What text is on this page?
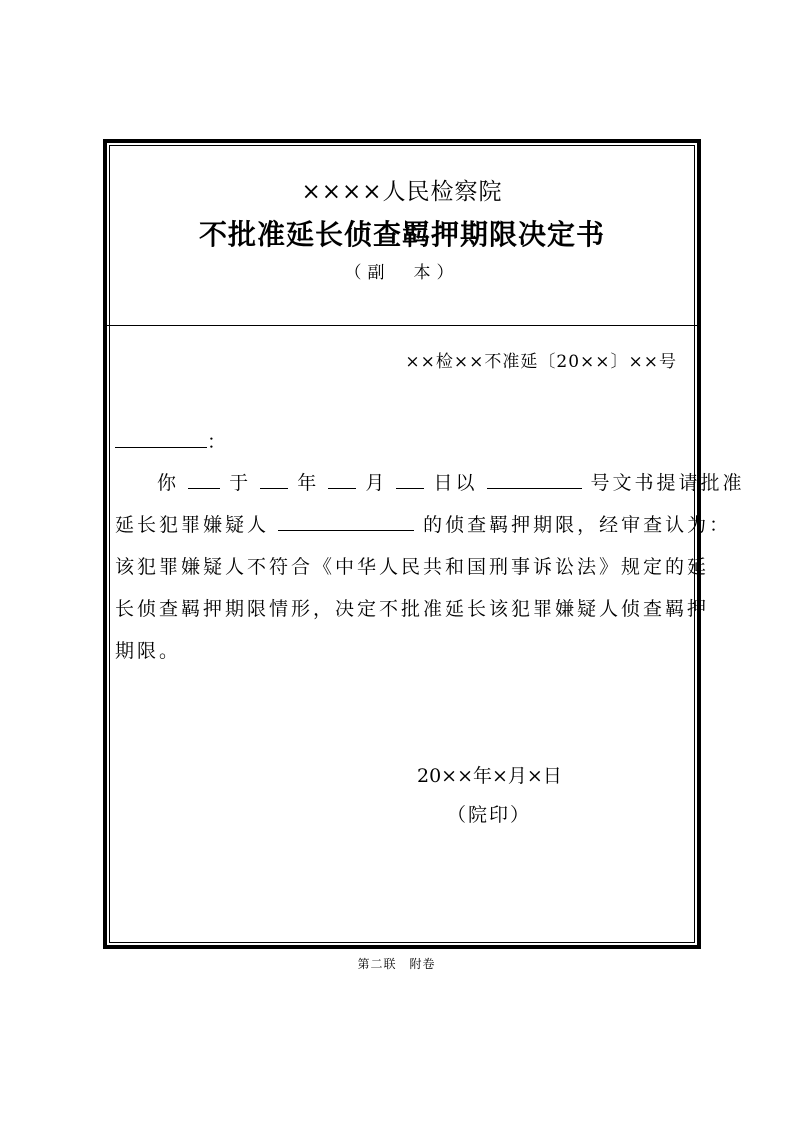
××××人民检察院
不批准延长侦查羁押期限决定书
（副　本）
××检××不准延〔20××〕××号
：
你	于 年 月 日以	号文书提请批准
延长犯罪嫌疑人	的侦查羁押期限，经审查认为：
该犯罪嫌疑人不符合《中华人民共和国刑事诉讼法》规定的延
长侦查羁押期限情形，决定不批准延长该犯罪嫌疑人侦查羁押
期限。
20××年×月×日
（院印）
第二联　附卷
